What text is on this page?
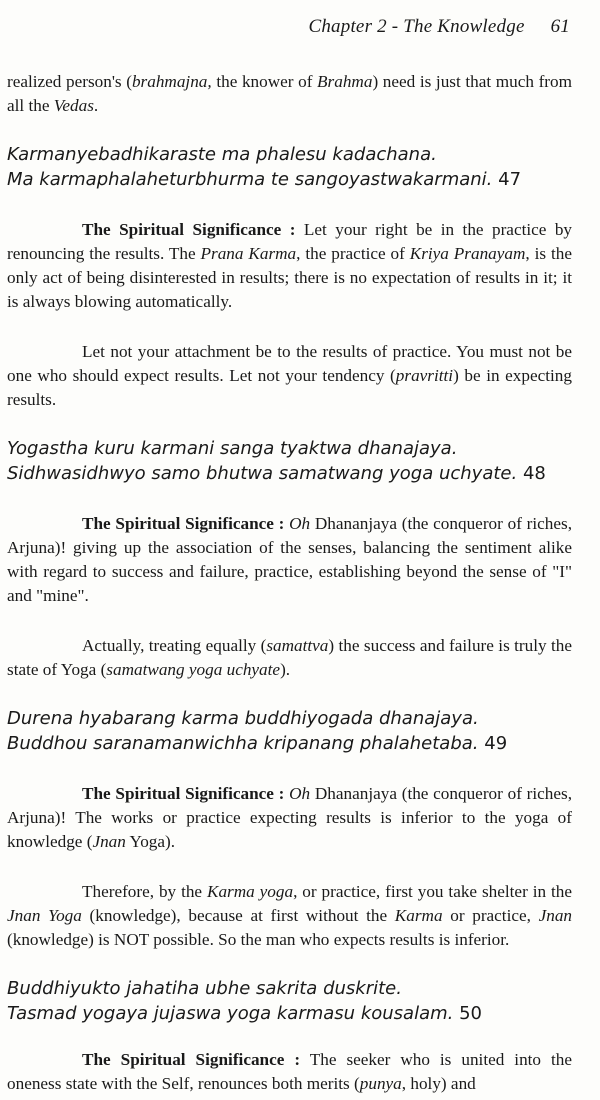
Chapter 2 - The Knowledge 61

realized person's (brahmajna, the knower of Brahma) need is just that much from all the Vedas.

Karmanyebadhikaraste ma phalesu kadachana.
Ma karmaphalaheturbhurma te sangoyastwakarmani. 47

The Spiritual Significance : Let your right be in the practice by renouncing the results. The Prana Karma, the practice of Kriya Pranayam, is the only act of being disinterested in results; there is no expectation of results in it; it is always blowing automatically.

Let not your attachment be to the results of practice. You must not be one who should expect results. Let not your tendency (pravritti) be in expecting results.

Yogastha kuru karmani sanga tyaktwa dhanajaya.
Sidhwasidhwyo samo bhutwa samatwang yoga uchyate. 48

The Spiritual Significance : Oh Dhananjaya (the conqueror of riches, Arjuna)! giving up the association of the senses, balancing the sentiment alike with regard to success and failure, practice, establishing beyond the sense of "I" and "mine".

Actually, treating equally (samattva) the success and failure is truly the state of Yoga (samatwang yoga uchyate).

Durena hyabarang karma buddhiyogada dhanajaya.
Buddhou saranamanwichha kripanang phalahetaba. 49

The Spiritual Significance : Oh Dhananjaya (the conqueror of riches, Arjuna)! The works or practice expecting results is inferior to the yoga of knowledge (Jnan Yoga).

Therefore, by the Karma yoga, or practice, first you take shelter in the Jnan Yoga (knowledge), because at first without the Karma or practice, Jnan (knowledge) is NOT possible. So the man who expects results is inferior.

Buddhiyukto jahatiha ubhe sakrita duskrite.
Tasmad yogaya jujaswa yoga karmasu kousalam. 50

The Spiritual Significance : The seeker who is united into the oneness state with the Self, renounces both merits (punya, holy) and
